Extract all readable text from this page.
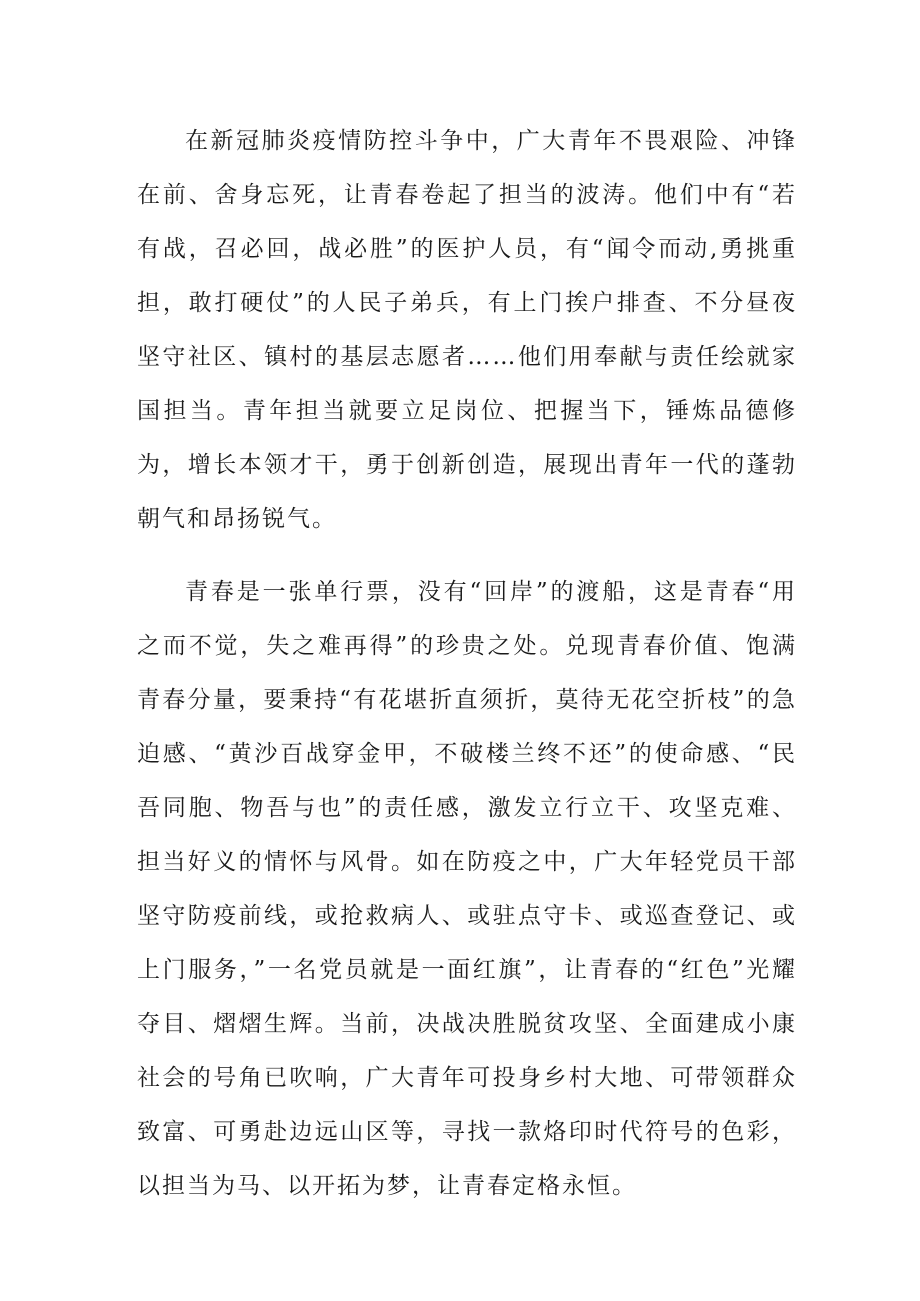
在新冠肺炎疫情防控斗争中，广大青年不畏艰险、冲锋在前、舍身忘死，让青春卷起了担当的波涛。他们中有“若有战，召必回，战必胜”的医护人员，有“闻令而动,勇挑重担，敢打硬仗”的人民子弟兵，有上门挨户排查、不分昼夜坚守社区、镇村的基层志愿者……他们用奉献与责任绘就家国担当。青年担当就要立足岗位、把握当下，锤炼品德修为，增长本领才干，勇于创新创造，展现出青年一代的蓬勃朝气和昂扬锐气。

青春是一张单行票，没有“回岸”的渡船，这是青春“用之而不觉，失之难再得”的珍贵之处。兑现青春价值、饱满青春分量，要秉持“有花堪折直须折，莫待无花空折枝”的急迫感、“黄沙百战穿金甲，不破楼兰终不还”的使命感、“民吾同胞、物吾与也”的责任感，激发立行立干、攻坚克难、担当好义的情怀与风骨。如在防疫之中，广大年轻党员干部坚守防疫前线，或抢救病人、或驻点守卡、或巡查登记、或上门服务，”一名党员就是一面红旗”，让青春的“红色”光耀夺目、熠熠生辉。当前，决战决胜脱贫攻坚、全面建成小康社会的号角已吹响，广大青年可投身乡村大地、可带领群众致富、可勇赴边远山区等，寻找一款烙印时代符号的色彩，以担当为马、以开拓为梦，让青春定格永恒。
